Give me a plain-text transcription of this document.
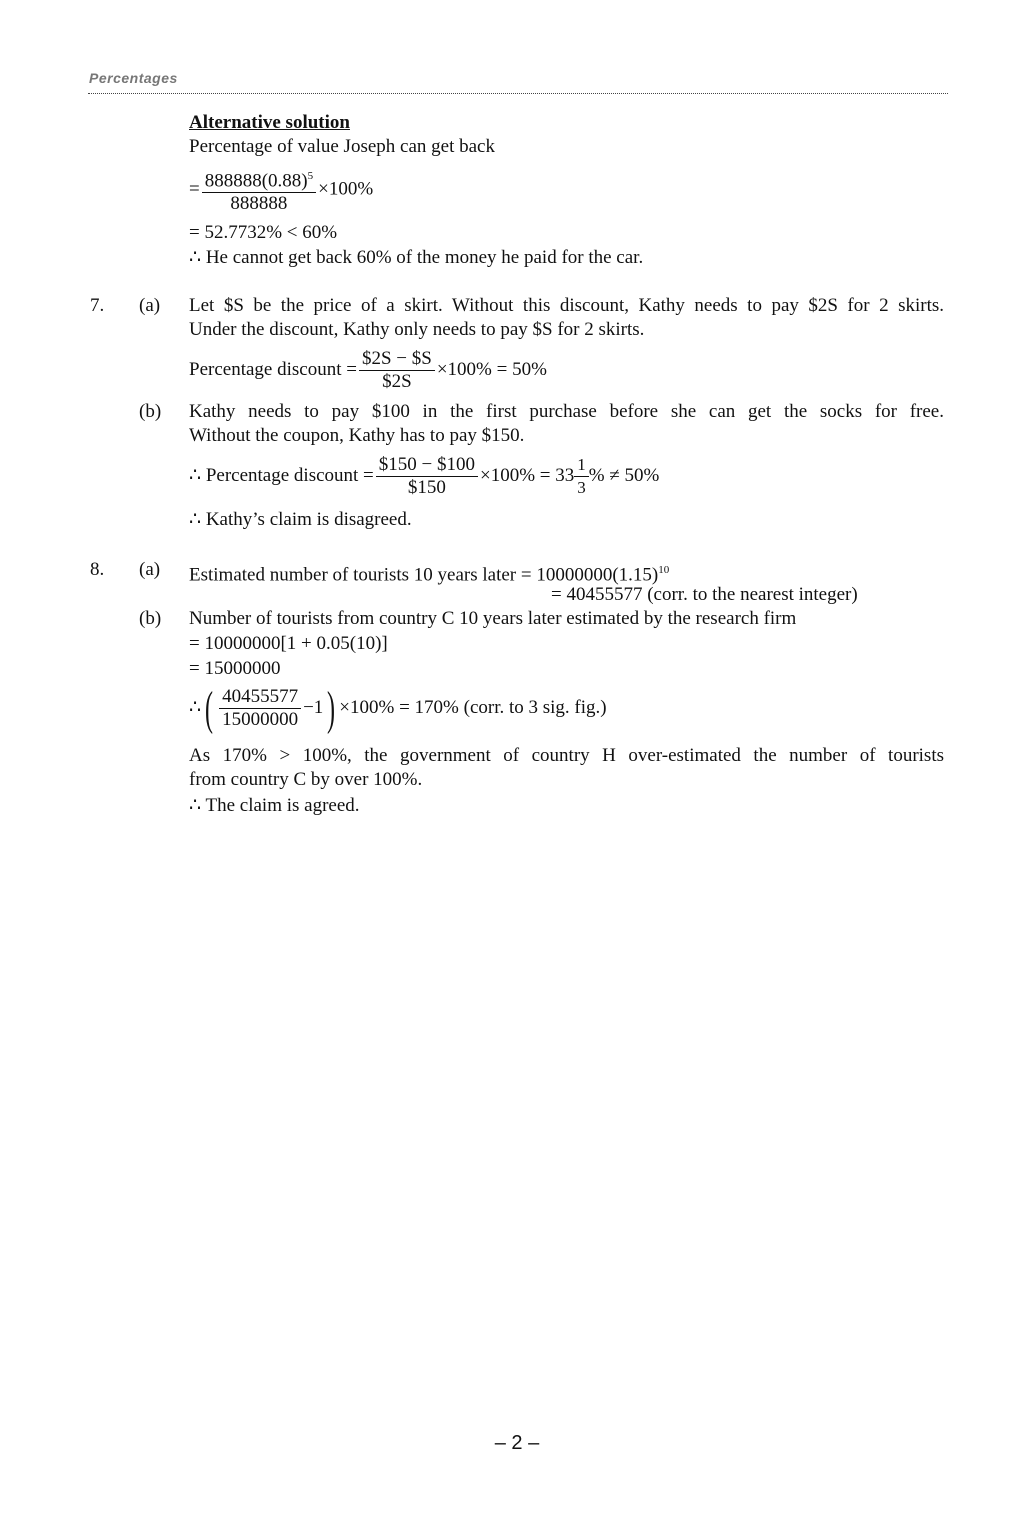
Percentages
Alternative solution
Percentage of value Joseph can get back
= $\frac{888888(0.88)^5}{888888} \times 100\%$
= 52.7732% < 60%
∴ He cannot get back 60% of the money he paid for the car.
7. (a) Let $S be the price of a skirt. Without this discount, Kathy needs to pay $2S for 2 skirts.
Under the discount, Kathy only needs to pay $S for 2 skirts.
Percentage discount = $\frac{\$2S - \$S}{\$2S} \times 100\% = 50\%$
(b) Kathy needs to pay $100 in the first purchase before she can get the socks for free.
Without the coupon, Kathy has to pay $150.
∴ Percentage discount = $\frac{\$150 - \$100}{\$150} \times 100\% = 33 \frac{1}{3}$ % ≠ 50%
∴ Kathy’s claim is disagreed.
8. (a) Estimated number of tourists 10 years later = $10000000(1.15)^{10}$
= 40455577 (corr. to the nearest integer)
(b) Number of tourists from country C 10 years later estimated by the research firm
= 10000000[1 + 0.05(10)]
= 15000000
∴( $\frac{40455577}{15000000} -1) \times 100\% = 170\%$ (corr. to 3 sig. fig.)
As 170% > 100%, the government of country H over-estimated the number of tourists
from country C by over 100%.
∴ The claim is agreed.
– 2 –
